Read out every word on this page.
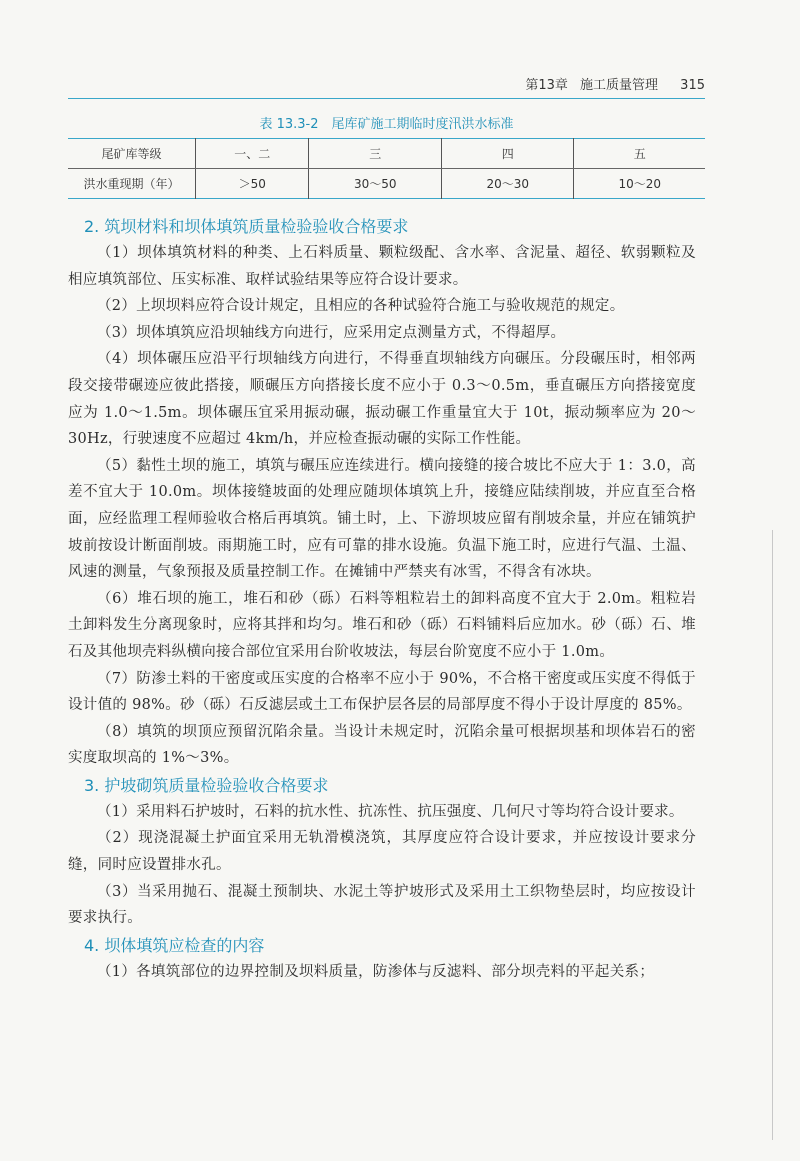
第13章 施工质量管理 315
表 13.3-2　尾库矿施工期临时度汛洪水标准
尾矿库等级	一、二	三	四	五
洪水重现期（年）	＞50	30～50	20～30	10～20
2. 筑坝材料和坝体填筑质量检验验收合格要求

（1）坝体填筑材料的种类、上石料质量、颗粒级配、含水率、含泥量、超径、软弱颗粒及相应填筑部位、压实标准、取样试验结果等应符合设计要求。

（2）上坝坝料应符合设计规定，且相应的各种试验符合施工与验收规范的规定。

（3）坝体填筑应沿坝轴线方向进行，应采用定点测量方式，不得超厚。

（4）坝体碾压应沿平行坝轴线方向进行，不得垂直坝轴线方向碾压。分段碾压时，相邻两段交接带碾迹应彼此搭接，顺碾压方向搭接长度不应小于 0.3～0.5m，垂直碾压方向搭接宽度应为 1.0～1.5m。坝体碾压宜采用振动碾，振动碾工作重量宜大于 10t，振动频率应为 20～30Hz，行驶速度不应超过 4km/h，并应检查振动碾的实际工作性能。

（5）黏性土坝的施工，填筑与碾压应连续进行。横向接缝的接合坡比不应大于 1：3.0，高差不宜大于 10.0m。坝体接缝坡面的处理应随坝体填筑上升，接缝应陆续削坡，并应直至合格面，应经监理工程师验收合格后再填筑。铺土时，上、下游坝坡应留有削坡余量，并应在铺筑护坡前按设计断面削坡。雨期施工时，应有可靠的排水设施。负温下施工时，应进行气温、土温、风速的测量，气象预报及质量控制工作。在摊铺中严禁夹有冰雪，不得含有冰块。

（6）堆石坝的施工，堆石和砂（砾）石料等粗粒岩土的卸料高度不宜大于 2.0m。粗粒岩土卸料发生分离现象时，应将其拌和均匀。堆石和砂（砾）石料铺料后应加水。砂（砾）石、堆石及其他坝壳料纵横向接合部位宜采用台阶收坡法，每层台阶宽度不应小于 1.0m。

（7）防渗土料的干密度或压实度的合格率不应小于 90%，不合格干密度或压实度不得低于设计值的 98%。砂（砾）石反滤层或土工布保护层各层的局部厚度不得小于设计厚度的 85%。

（8）填筑的坝顶应预留沉陷余量。当设计未规定时，沉陷余量可根据坝基和坝体岩石的密实度取坝高的 1%～3%。

3. 护坡砌筑质量检验验收合格要求

（1）采用料石护坡时，石料的抗水性、抗冻性、抗压强度、几何尺寸等均符合设计要求。

（2）现浇混凝土护面宜采用无轨滑模浇筑，其厚度应符合设计要求，并应按设计要求分缝，同时应设置排水孔。

（3）当采用抛石、混凝土预制块、水泥土等护坡形式及采用土工织物垫层时，均应按设计要求执行。

4. 坝体填筑应检查的内容

（1）各填筑部位的边界控制及坝料质量，防渗体与反滤料、部分坝壳料的平起关系；
